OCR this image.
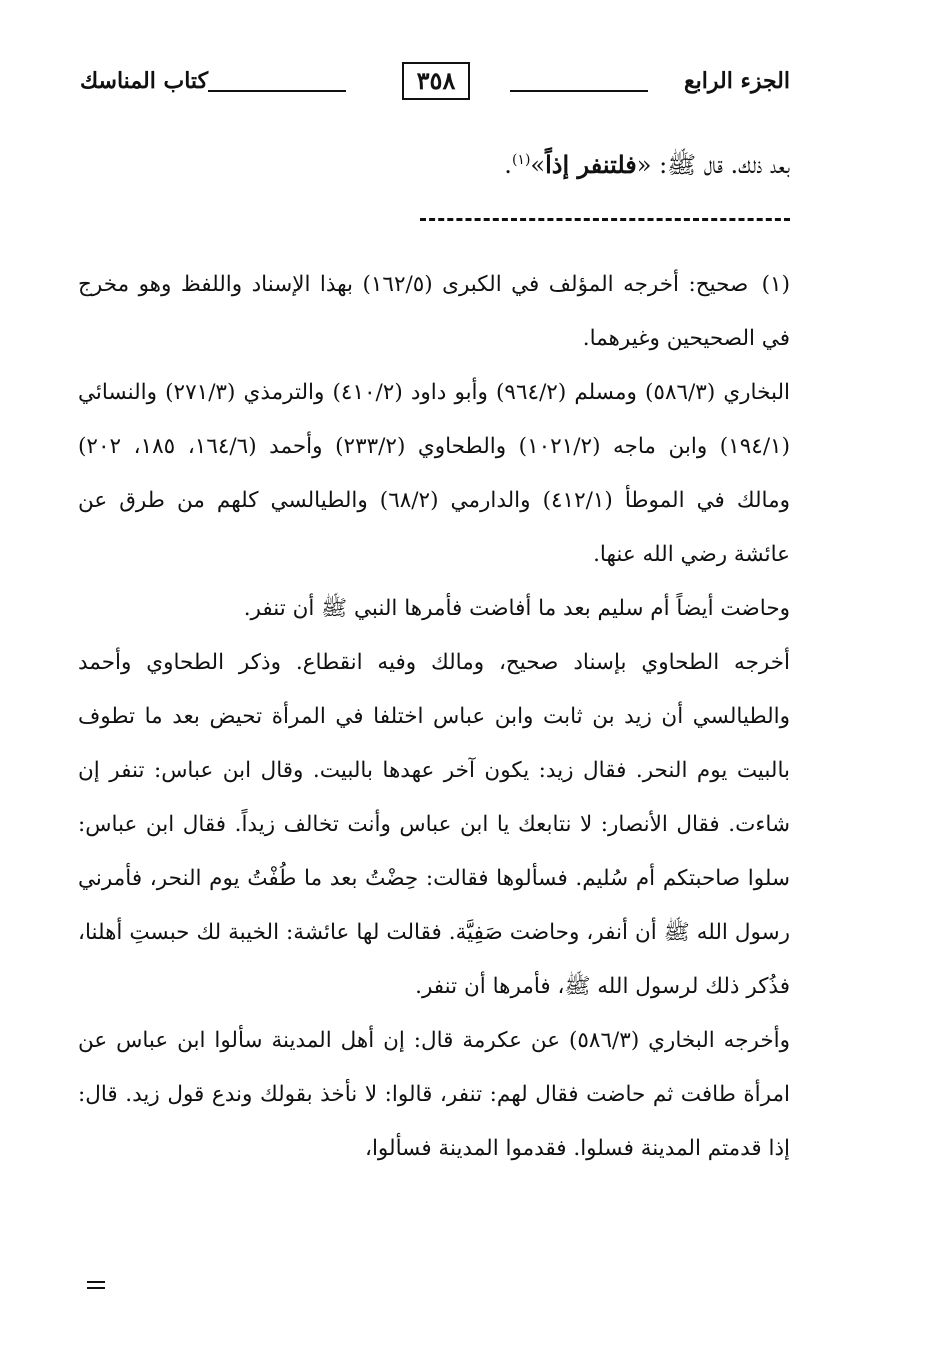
الجزء الرابع
٣٥٨
كتاب المناسك
بعد ذلك. قال ﷺ: «فلتنفر إذاً»$^{(١)}$.

(١) صحيح: أخرجه المؤلف في الكبرى (١٦٢/٥) بهذا الإسناد واللفظ وهو مخرج في الصحيحين وغيرهما.

البخاري (٥٨٦/٣) ومسلم (٩٦٤/٢) وأبو داود (٤١٠/٢) والترمذي (٢٧١/٣) والنسائي (١٩٤/١) وابن ماجه (١٠٢١/٢) والطحاوي (٢٣٣/٢) وأحمد (١٦٤/٦، ١٨٥، ٢٠٢) ومالك في الموطأ (٤١٢/١) والدارمي (٦٨/٢) والطيالسي كلهم من طرق عن عائشة رضي الله عنها.

وحاضت أيضاً أم سليم بعد ما أفاضت فأمرها النبي ﷺ أن تنفر.

أخرجه الطحاوي بإسناد صحيح، ومالك وفيه انقطاع. وذكر الطحاوي وأحمد والطيالسي أن زيد بن ثابت وابن عباس اختلفا في المرأة تحيض بعد ما تطوف بالبيت يوم النحر. فقال زيد: يكون آخر عهدها بالبيت. وقال ابن عباس: تنفر إن شاءت. فقال الأنصار: لا نتابعك يا ابن عباس وأنت تخالف زيداً. فقال ابن عباس: سلوا صاحبتكم أم سُليم. فسألوها فقالت: حِضْتُ بعد ما طُفْتُ يوم النحر، فأمرني رسول الله ﷺ أن أنفر، وحاضت صَفِيَّة. فقالت لها عائشة: الخيبة لك حبستِ أهلنا، فذُكر ذلك لرسول الله ﷺ، فأمرها أن تنفر.

وأخرجه البخاري (٥٨٦/٣) عن عكرمة قال: إن أهل المدينة سألوا ابن عباس عن امرأة طافت ثم حاضت فقال لهم: تنفر، قالوا: لا نأخذ بقولك وندع قول زيد. قال: إذا قدمتم المدينة فسلوا. فقدموا المدينة فسألوا،
